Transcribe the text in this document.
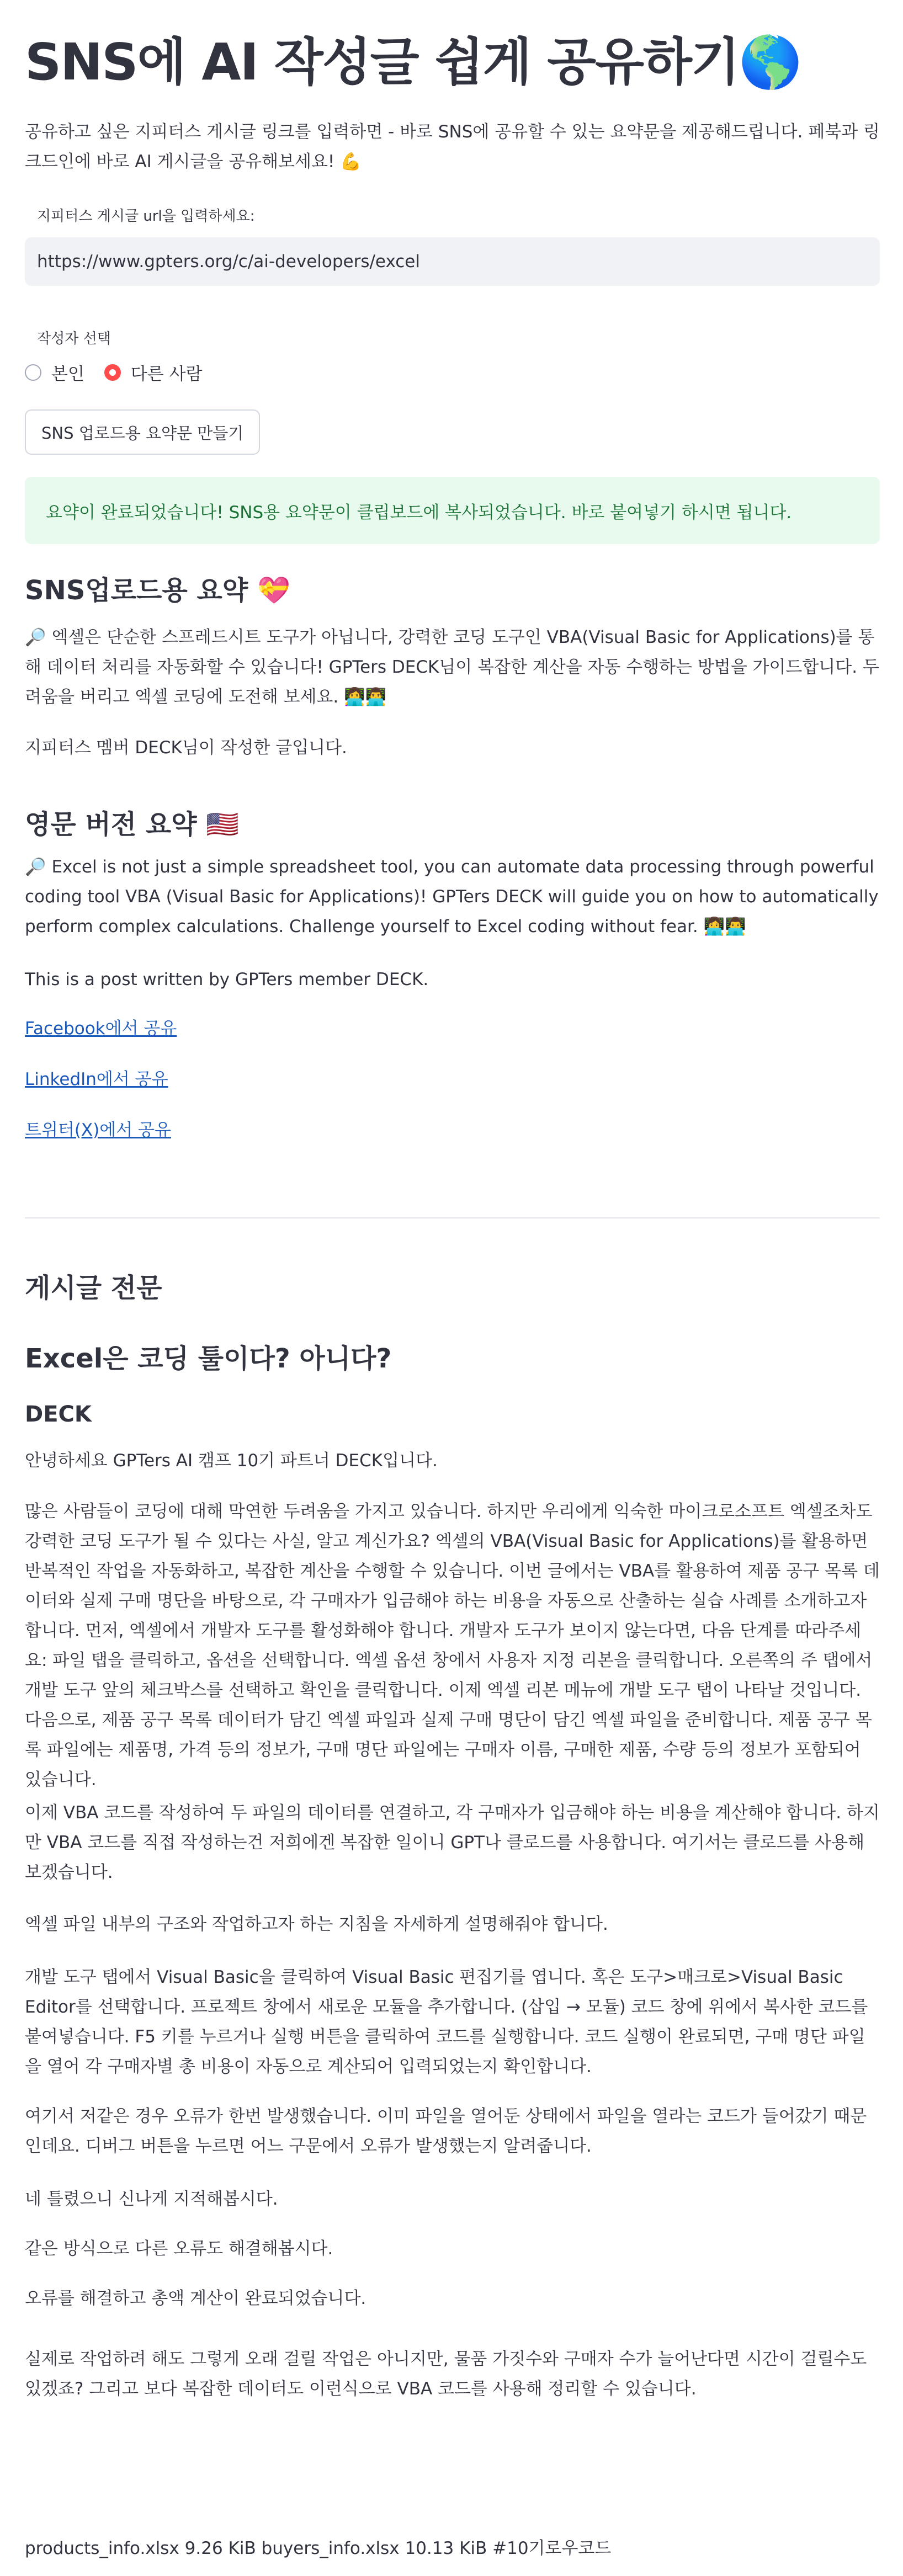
SNS에 AI 작성글 쉽게 공유하기🌎

공유하고 싶은 지피터스 게시글 링크를 입력하면 - 바로 SNS에 공유할 수 있는 요약문을 제공해드립니다. 페북과 링크드인에 바로 AI 게시글을 공유해보세요! 💪

지피터스 게시글 url을 입력하세요:
https://www.gpters.org/c/ai-developers/excel
작성자 선택
본인	다른 사람
SNS 업로드용 요약문 만들기
요약이 완료되었습니다! SNS용 요약문이 클립보드에 복사되었습니다. 바로 붙여넣기 하시면 됩니다.
SNS업로드용 요약 💝

🔎 엑셀은 단순한 스프레드시트 도구가 아닙니다, 강력한 코딩 도구인 VBA(Visual Basic for Applications)를 통해 데이터 처리를 자동화할 수 있습니다! GPTers DECK님이 복잡한 계산을 자동 수행하는 방법을 가이드합니다. 두려움을 버리고 엑셀 코딩에 도전해 보세요. 👩‍💻👨‍💻

지피터스 멤버 DECK님이 작성한 글입니다.

영문 버전 요약 🇺🇸

🔎 Excel is not just a simple spreadsheet tool, you can automate data processing through powerful coding tool VBA (Visual Basic for Applications)! GPTers DECK will guide you on how to automatically perform complex calculations. Challenge yourself to Excel coding without fear. 👩‍💻👨‍💻

This is a post written by GPTers member DECK.

Facebook에서 공유
LinkedIn에서 공유
트위터(X)에서 공유
게시글 전문
Excel은 코딩 툴이다? 아니다?
DECK

안녕하세요 GPTers AI 캠프 10기 파트너 DECK입니다.

많은 사람들이 코딩에 대해 막연한 두려움을 가지고 있습니다. 하지만 우리에게 익숙한 마이크로소프트 엑셀조차도 강력한 코딩 도구가 될 수 있다는 사실, 알고 계신가요? 엑셀의 VBA(Visual Basic for Applications)를 활용하면 반복적인 작업을 자동화하고, 복잡한 계산을 수행할 수 있습니다. 이번 글에서는 VBA를 활용하여 제품 공구 목록 데이터와 실제 구매 명단을 바탕으로, 각 구매자가 입금해야 하는 비용을 자동으로 산출하는 실습 사례를 소개하고자 합니다. 먼저, 엑셀에서 개발자 도구를 활성화해야 합니다. 개발자 도구가 보이지 않는다면, 다음 단계를 따라주세요: 파일 탭을 클릭하고, 옵션을 선택합니다. 엑셀 옵션 창에서 사용자 지정 리본을 클릭합니다. 오른쪽의 주 탭에서 개발 도구 앞의 체크박스를 선택하고 확인을 클릭합니다. 이제 엑셀 리본 메뉴에 개발 도구 탭이 나타날 것입니다. 다음으로, 제품 공구 목록 데이터가 담긴 엑셀 파일과 실제 구매 명단이 담긴 엑셀 파일을 준비합니다. 제품 공구 목록 파일에는 제품명, 가격 등의 정보가, 구매 명단 파일에는 구매자 이름, 구매한 제품, 수량 등의 정보가 포함되어 있습니다.

이제 VBA 코드를 작성하여 두 파일의 데이터를 연결하고, 각 구매자가 입금해야 하는 비용을 계산해야 합니다. 하지만 VBA 코드를 직접 작성하는건 저희에겐 복잡한 일이니 GPT나 클로드를 사용합니다. 여기서는 클로드를 사용해보겠습니다.

엑셀 파일 내부의 구조와 작업하고자 하는 지침을 자세하게 설명해줘야 합니다.

개발 도구 탭에서 Visual Basic을 클릭하여 Visual Basic 편집기를 엽니다. 혹은 도구>매크로>Visual Basic Editor를 선택합니다. 프로젝트 창에서 새로운 모듈을 추가합니다. (삽입 → 모듈) 코드 창에 위에서 복사한 코드를 붙여넣습니다. F5 키를 누르거나 실행 버튼을 클릭하여 코드를 실행합니다. 코드 실행이 완료되면, 구매 명단 파일을 열어 각 구매자별 총 비용이 자동으로 계산되어 입력되었는지 확인합니다.

여기서 저같은 경우 오류가 한번 발생했습니다. 이미 파일을 열어둔 상태에서 파일을 열라는 코드가 들어갔기 때문인데요. 디버그 버튼을 누르면 어느 구문에서 오류가 발생했는지 알려줍니다.

네 틀렸으니 신나게 지적해봅시다.

같은 방식으로 다른 오류도 해결해봅시다.

오류를 해결하고 총액 계산이 완료되었습니다.

실제로 작업하려 해도 그렇게 오래 걸릴 작업은 아니지만, 물품 가짓수와 구매자 수가 늘어난다면 시간이 걸릴수도 있겠죠? 그리고 보다 복잡한 데이터도 이런식으로 VBA 코드를 사용해 정리할 수 있습니다.

products_info.xlsx 9.26 KiB buyers_info.xlsx 10.13 KiB #10기로우코드
